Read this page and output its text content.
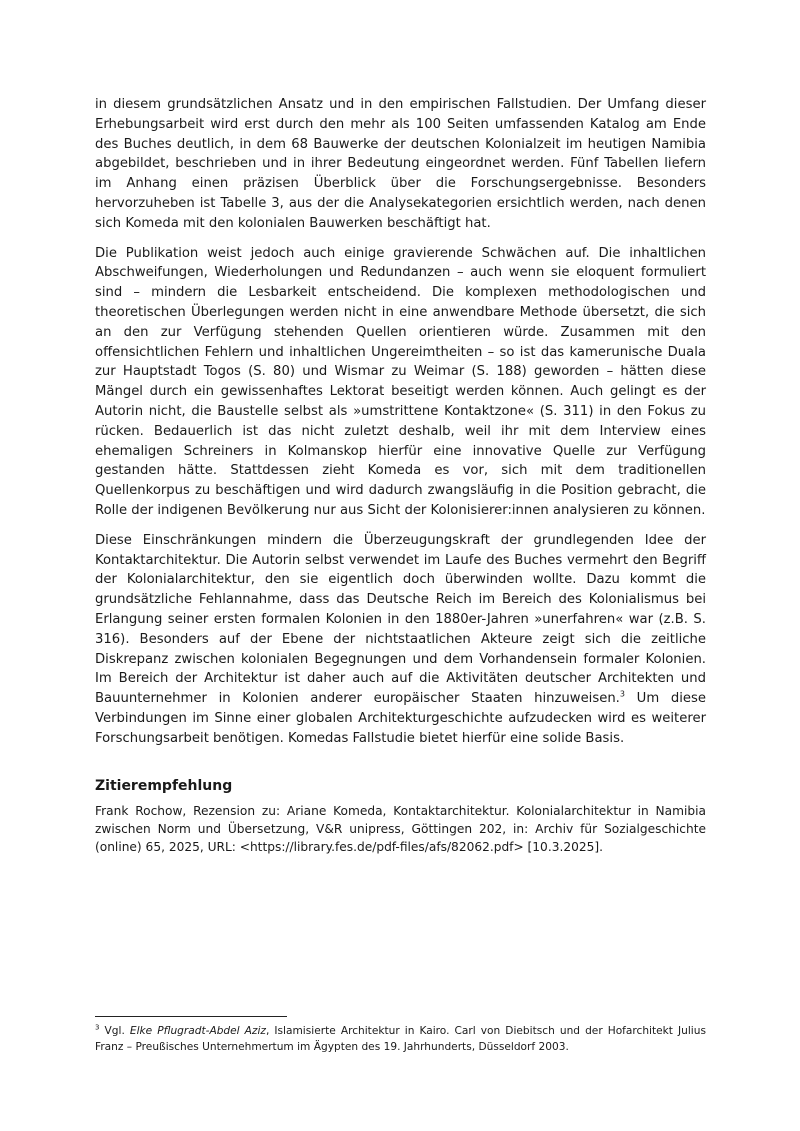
in diesem grundsätzlichen Ansatz und in den empirischen Fallstudien. Der Umfang dieser Erhebungsarbeit wird erst durch den mehr als 100 Seiten umfassenden Katalog am Ende des Buches deutlich, in dem 68 Bauwerke der deutschen Kolonialzeit im heutigen Namibia abgebildet, beschrieben und in ihrer Bedeutung eingeordnet werden. Fünf Tabellen liefern im Anhang einen präzisen Überblick über die Forschungsergebnisse. Besonders hervorzuheben ist Tabelle 3, aus der die Analysekategorien ersichtlich werden, nach denen sich Komeda mit den kolonialen Bauwerken beschäftigt hat.

Die Publikation weist jedoch auch einige gravierende Schwächen auf. Die inhaltlichen Abschweifungen, Wiederholungen und Redundanzen – auch wenn sie eloquent formuliert sind – mindern die Lesbarkeit entscheidend. Die komplexen methodologischen und theoretischen Überlegungen werden nicht in eine anwendbare Methode übersetzt, die sich an den zur Verfügung stehenden Quellen orientieren würde. Zusammen mit den offensichtlichen Fehlern und inhaltlichen Ungereimtheiten – so ist das kamerunische Duala zur Hauptstadt Togos (S. 80) und Wismar zu Weimar (S. 188) geworden – hätten diese Mängel durch ein gewissenhaftes Lektorat beseitigt werden können. Auch gelingt es der Autorin nicht, die Baustelle selbst als »umstrittene Kontaktzone« (S. 311) in den Fokus zu rücken. Bedauerlich ist das nicht zuletzt deshalb, weil ihr mit dem Interview eines ehemaligen Schreiners in Kolmanskop hierfür eine innovative Quelle zur Verfügung gestanden hätte. Stattdessen zieht Komeda es vor, sich mit dem traditionellen Quellenkorpus zu beschäftigen und wird dadurch zwangsläufig in die Position gebracht, die Rolle der indigenen Bevölkerung nur aus Sicht der Kolonisierer:innen analysieren zu können.

Diese Einschränkungen mindern die Überzeugungskraft der grundlegenden Idee der Kontaktarchitektur. Die Autorin selbst verwendet im Laufe des Buches vermehrt den Begriff der Kolonialarchitektur, den sie eigentlich doch überwinden wollte. Dazu kommt die grundsätzliche Fehlannahme, dass das Deutsche Reich im Bereich des Kolonialismus bei Erlangung seiner ersten formalen Kolonien in den 1880er-Jahren »unerfahren« war (z.B. S. 316). Besonders auf der Ebene der nichtstaatlichen Akteure zeigt sich die zeitliche Diskrepanz zwischen kolonialen Begegnungen und dem Vorhandensein formaler Kolonien. Im Bereich der Architektur ist daher auch auf die Aktivitäten deutscher Architekten und Bauunternehmer in Kolonien anderer europäischer Staaten hinzuweisen.$^3$ Um diese Verbindungen im Sinne einer globalen Architekturgeschichte aufzudecken wird es weiterer Forschungsarbeit benötigen. Komedas Fallstudie bietet hierfür eine solide Basis.

Zitierempfehlung

Frank Rochow, Rezension zu: Ariane Komeda, Kontaktarchitektur. Kolonialarchitektur in Namibia zwischen Norm und Übersetzung, V&R unipress, Göttingen 202, in: Archiv für Sozialgeschichte (online) 65, 2025, URL: <https://library.fes.de/pdf-files/afs/82062.pdf> [10.3.2025].

$^3$ Vgl. Elke Pflugradt-Abdel Aziz, Islamisierte Architektur in Kairo. Carl von Diebitsch und der Hofarchitekt Julius Franz – Preußisches Unternehmertum im Ägypten des 19. Jahrhunderts, Düsseldorf 2003.
